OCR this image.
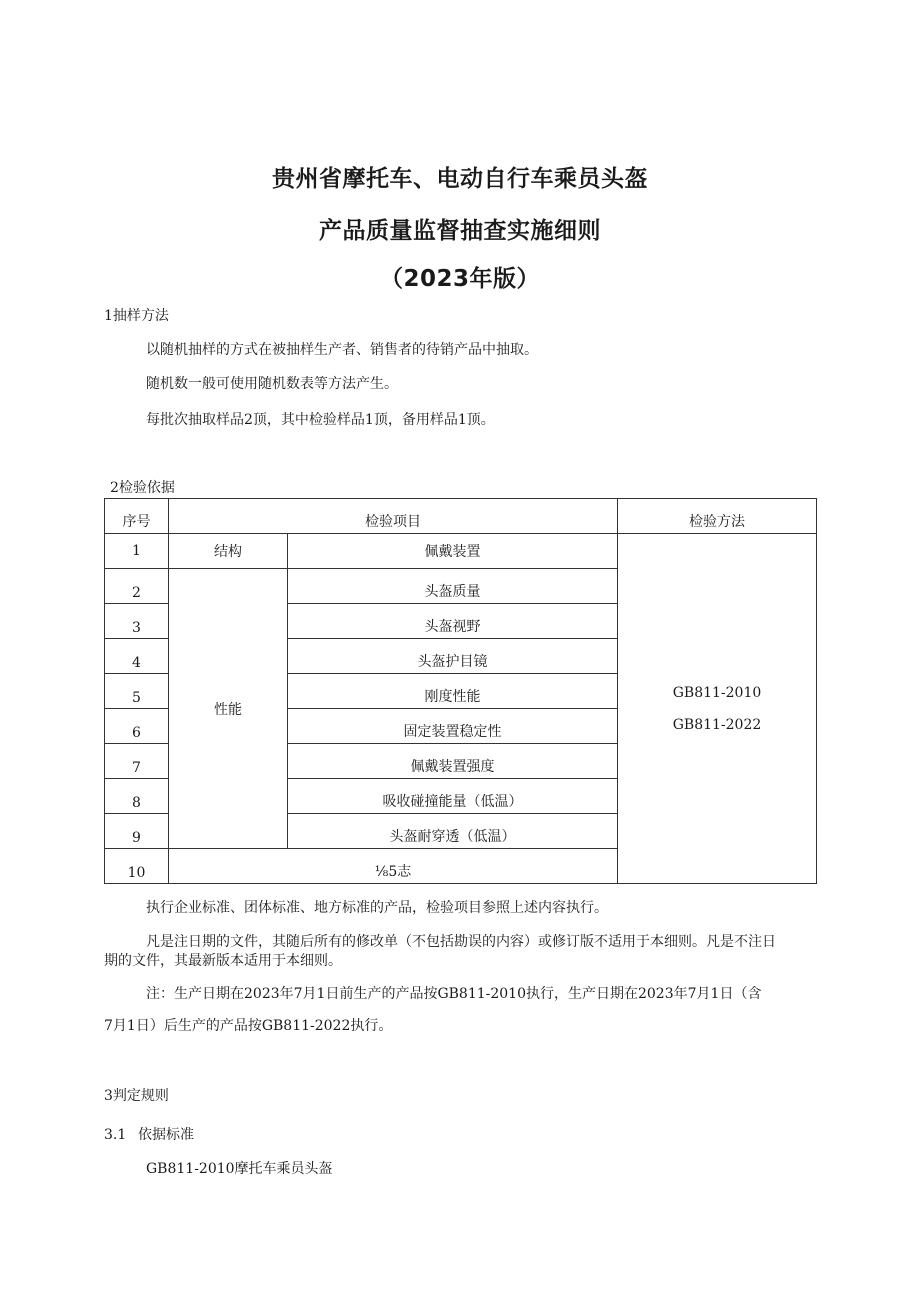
贵州省摩托车、电动自行车乘员头盔
产品质量监督抽查实施细则
（2023年版）
1抽样方法
以随机抽样的方式在被抽样生产者、销售者的待销产品中抽取。
随机数一般可使用随机数表等方法产生。
每批次抽取样品2顶，其中检验样品1顶，备用样品1顶。
2检验依据
序号	检验项目		检验方法
1	结构	佩戴装置	GB811-2010
GB811-2022

2	性能	头盔质量	
3		头盔视野	
4		头盔护目镜	
5		刚度性能	
6		固定装置稳定性	
7		佩戴装置强度	
8		吸收碰撞能量（低温）	
9		头盔耐穿透（低温）	
10	⅛5志		
执行企业标准、团体标准、地方标准的产品，检验项目参照上述内容执行。
凡是注日期的文件，其随后所有的修改单（不包括勘误的内容）或修订版不适用于本细则。凡是不注日
期的文件，其最新版本适用于本细则。
注：生产日期在2023年7月1日前生产的产品按GB811-2010执行，生产日期在2023年7月1日（含
7月1日）后生产的产品按GB811-2022执行。
3判定规则
3.1 依据标准
GB811-2010摩托车乘员头盔
